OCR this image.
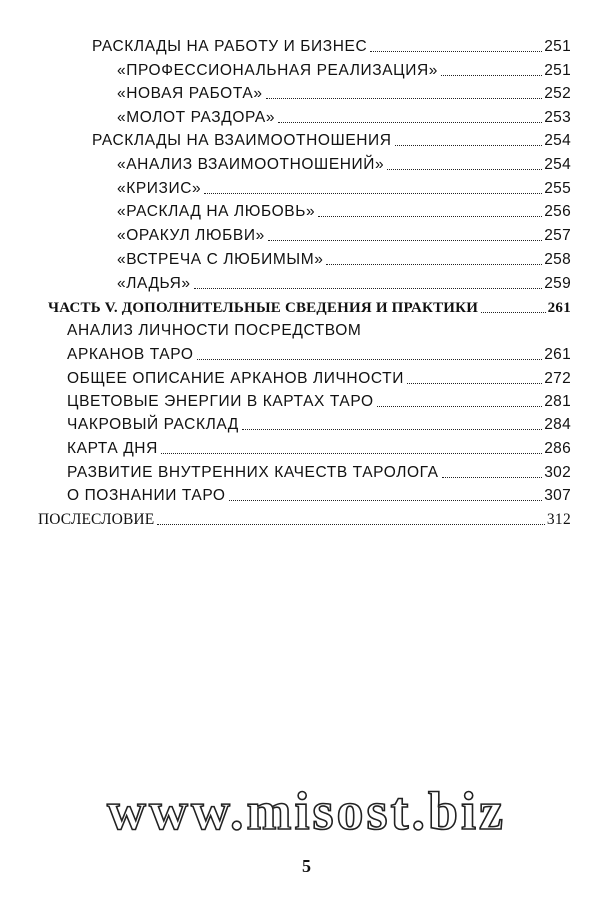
РАСКЛАДЫ НА РАБОТУ И БИЗНЕС	251
«ПРОФЕССИОНАЛЬНАЯ РЕАЛИЗАЦИЯ»	251
«НОВАЯ РАБОТА»	252
«МОЛОТ РАЗДОРА»	253
РАСКЛАДЫ НА ВЗАИМООТНОШЕНИЯ	254
«АНАЛИЗ ВЗАИМООТНОШЕНИЙ»	254
«КРИЗИС»	255
«РАСКЛАД НА ЛЮБОВЬ»	256
«ОРАКУЛ ЛЮБВИ»	257
«ВСТРЕЧА С ЛЮБИМЫМ»	258
«ЛАДЬЯ»	259
ЧАСТЬ V. ДОПОЛНИТЕЛЬНЫЕ СВЕДЕНИЯ И ПРАКТИКИ	261
АНАЛИЗ ЛИЧНОСТИ ПОСРЕДСТВОМ
АРКАНОВ ТАРО	261
ОБЩЕЕ ОПИСАНИЕ АРКАНОВ ЛИЧНОСТИ	272
ЦВЕТОВЫЕ ЭНЕРГИИ В КАРТАХ ТАРО	281
ЧАКРОВЫЙ РАСКЛАД	284
КАРТА ДНЯ	286
РАЗВИТИЕ ВНУТРЕННИХ КАЧЕСТВ ТАРОЛОГА	302
О ПОЗНАНИИ ТАРО	307
ПОСЛЕСЛОВИЕ	312
www.misost.biz
5
